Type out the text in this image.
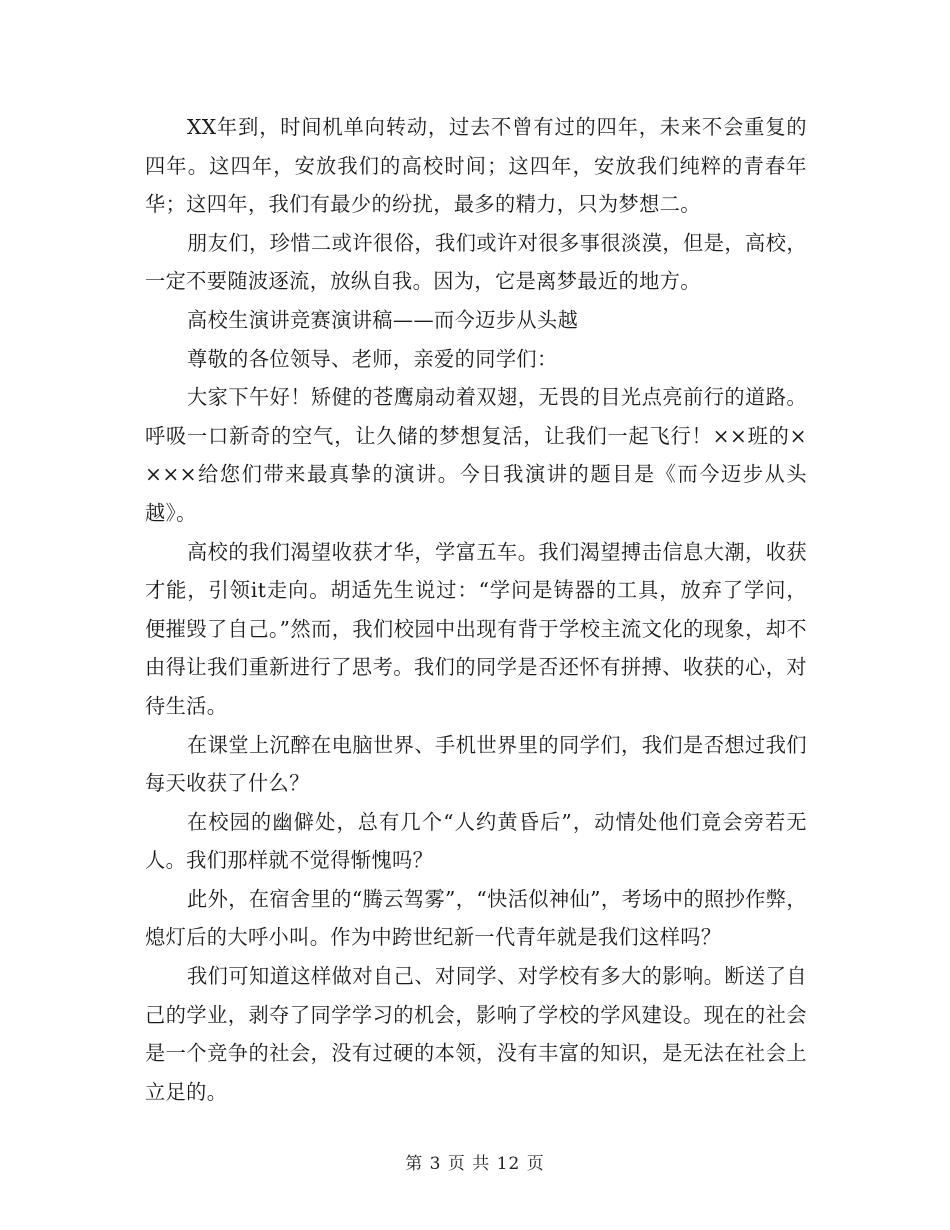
XX年到，时间机单向转动，过去不曾有过的四年，未来不会重复的四年。这四年，安放我们的高校时间；这四年，安放我们纯粹的青春年华；这四年，我们有最少的纷扰，最多的精力，只为梦想二。

朋友们，珍惜二或许很俗，我们或许对很多事很淡漠，但是，高校，一定不要随波逐流，放纵自我。因为，它是离梦最近的地方。

高校生演讲竞赛演讲稿——而今迈步从头越

尊敬的各位领导、老师，亲爱的同学们：

大家下午好！矫健的苍鹰扇动着双翅，无畏的目光点亮前行的道路。呼吸一口新奇的空气，让久储的梦想复活，让我们一起飞行！××班的××××给您们带来最真挚的演讲。今日我演讲的题目是《而今迈步从头越》。

高校的我们渴望收获才华，学富五车。我们渴望搏击信息大潮，收获才能，引领it走向。胡适先生说过：“学问是铸器的工具，放弃了学问，便摧毁了自己。”然而，我们校园中出现有背于学校主流文化的现象，却不由得让我们重新进行了思考。我们的同学是否还怀有拼搏、收获的心，对待生活。

在课堂上沉醉在电脑世界、手机世界里的同学们，我们是否想过我们每天收获了什么？

在校园的幽僻处，总有几个“人约黄昏后”，动情处他们竟会旁若无人。我们那样就不觉得惭愧吗？

此外，在宿舍里的“腾云驾雾”，“快活似神仙”，考场中的照抄作弊，熄灯后的大呼小叫。作为中跨世纪新一代青年就是我们这样吗？

我们可知道这样做对自己、对同学、对学校有多大的影响。断送了自己的学业，剥夺了同学学习的机会，影响了学校的学风建设。现在的社会是一个竞争的社会，没有过硬的本领，没有丰富的知识，是无法在社会上立足的。

第 3 页 共 12 页
